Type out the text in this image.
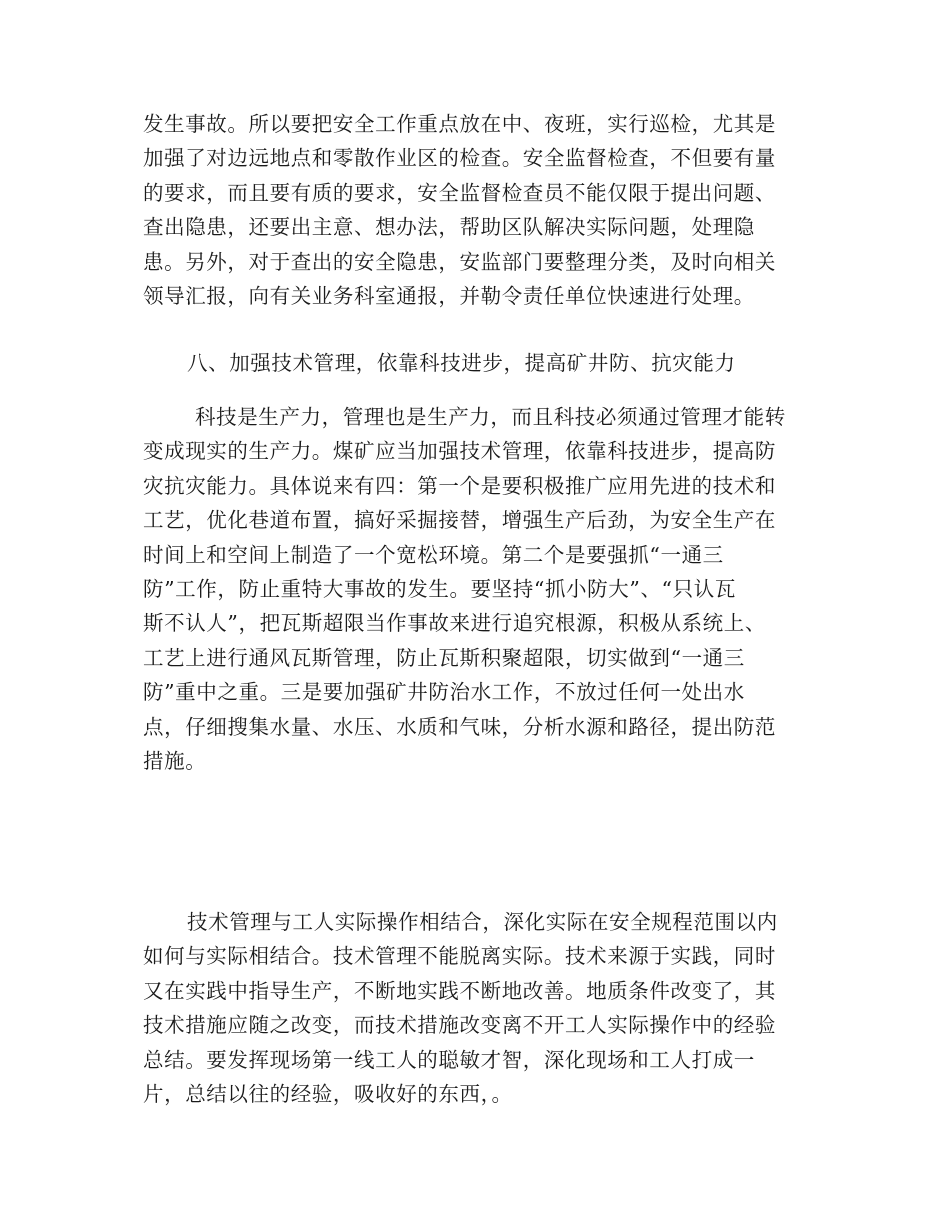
发生事故。所以要把安全工作重点放在中、夜班，实行巡检，尤其是
加强了对边远地点和零散作业区的检查。安全监督检查，不但要有量
的要求，而且要有质的要求，安全监督检查员不能仅限于提出问题、
查出隐患，还要出主意、想办法，帮助区队解决实际问题，处理隐
患。另外，对于查出的安全隐患，安监部门要整理分类，及时向相关
领导汇报，向有关业务科室通报，并勒令责任单位快速进行处理。
八、加强技术管理，依靠科技进步，提高矿井防、抗灾能力
科技是生产力，管理也是生产力，而且科技必须通过管理才能转
变成现实的生产力。煤矿应当加强技术管理，依靠科技进步，提高防
灾抗灾能力。具体说来有四：第一个是要积极推广应用先进的技术和
工艺，优化巷道布置，搞好采掘接替，增强生产后劲，为安全生产在
时间上和空间上制造了一个宽松环境。第二个是要强抓“一通三
防”工作，防止重特大事故的发生。要坚持“抓小防大”、“只认瓦
斯不认人”，把瓦斯超限当作事故来进行追究根源，积极从系统上、
工艺上进行通风瓦斯管理，防止瓦斯积聚超限，切实做到“一通三
防”重中之重。三是要加强矿井防治水工作，不放过任何一处出水
点，仔细搜集水量、水压、水质和气味，分析水源和路径，提出防范
措施。
技术管理与工人实际操作相结合，深化实际在安全规程范围以内
如何与实际相结合。技术管理不能脱离实际。技术来源于实践，同时
又在实践中指导生产，不断地实践不断地改善。地质条件改变了，其
技术措施应随之改变，而技术措施改变离不开工人实际操作中的经验
总结。要发挥现场第一线工人的聪敏才智，深化现场和工人打成一
片，总结以往的经验，吸收好的东西，。
